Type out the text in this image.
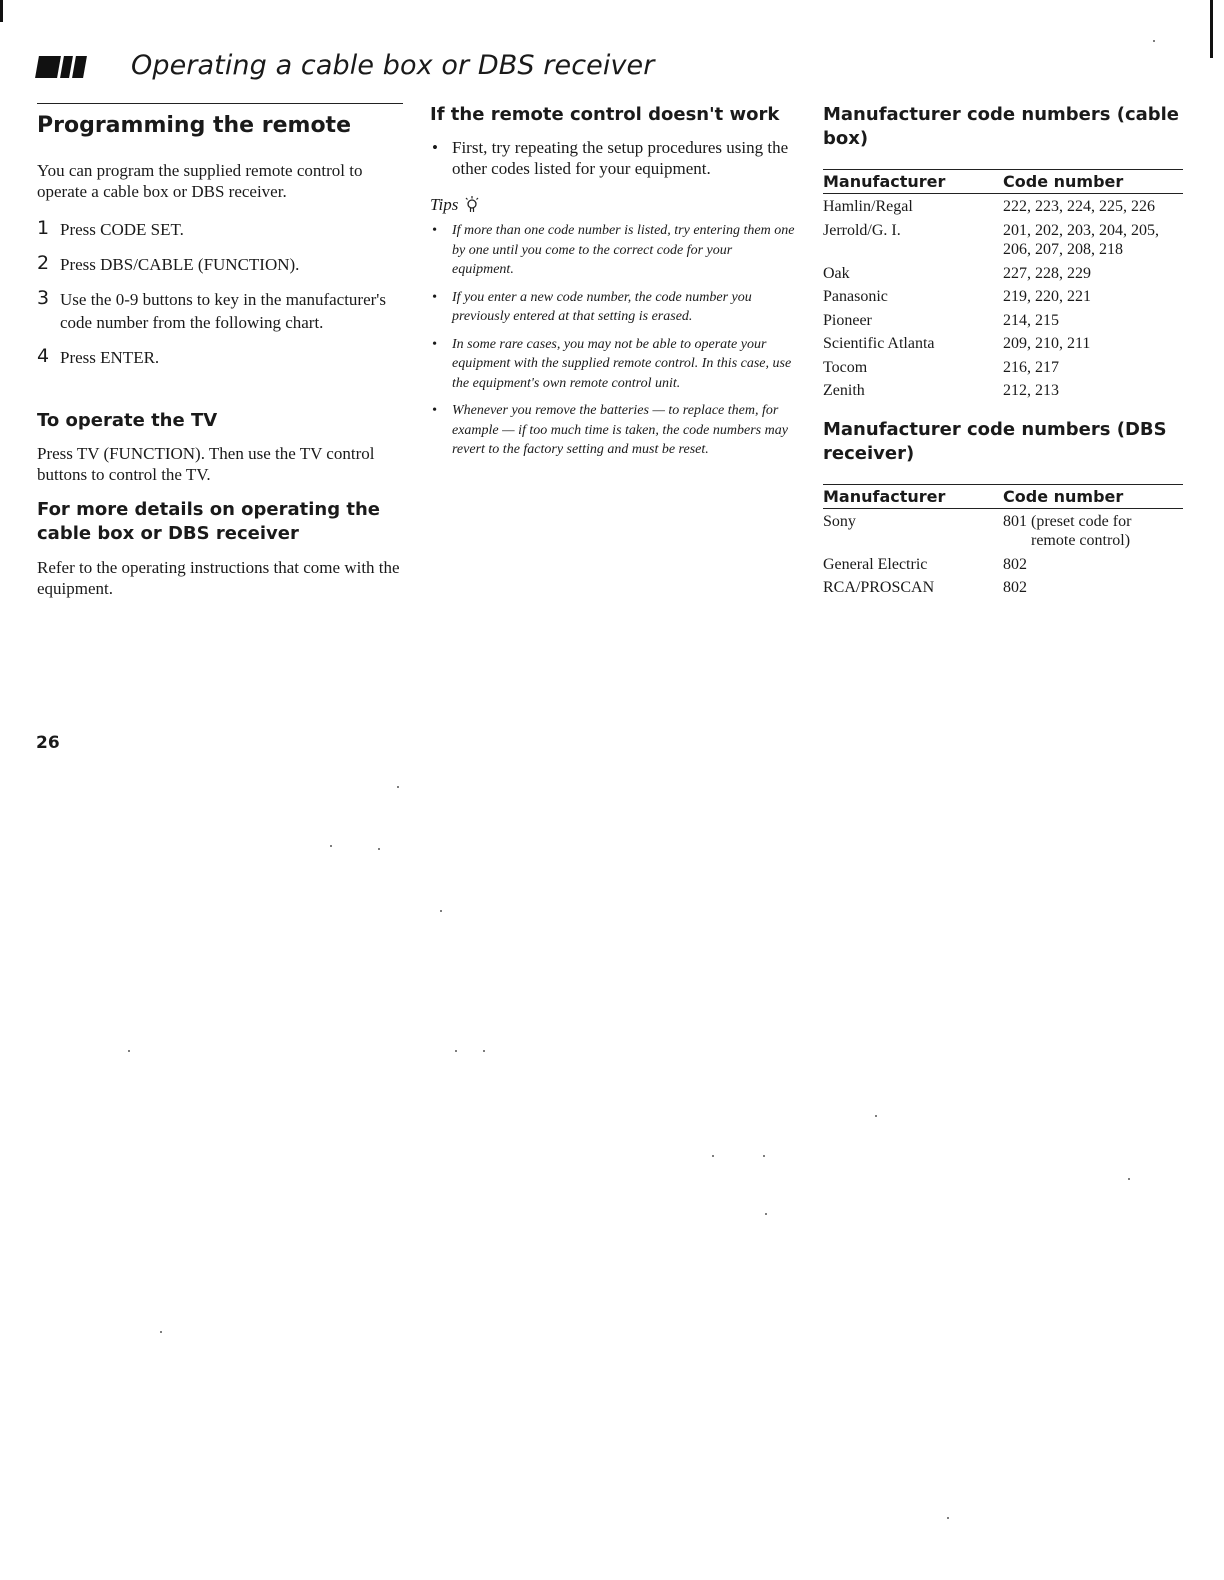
Operating a cable box or DBS receiver
Programming the remote

You can program the supplied remote control to operate a cable box or DBS receiver.

1 Press CODE SET.
2 Press DBS/CABLE (FUNCTION).
3 Use the 0-9 buttons to key in the manufacturer's code number from the following chart.
4 Press ENTER.
To operate the TV

Press TV (FUNCTION). Then use the TV control buttons to control the TV.

For more details on operating the cable box or DBS receiver

Refer to the operating instructions that come with the equipment.

If the remote control doesn't work
• First, try repeating the setup procedures using the other codes listed for your equipment.
Tips
• If more than one code number is listed, try entering them one by one until you come to the correct code for your equipment.
• If you enter a new code number, the code number you previously entered at that setting is erased.
• In some rare cases, you may not be able to operate your equipment with the supplied remote control. In this case, use the equipment's own remote control unit.
• Whenever you remove the batteries — to replace them, for example — if too much time is taken, the code numbers may revert to the factory setting and must be reset.
Manufacturer code numbers (cable box)
Manufacturer	Code number
Hamlin/Regal	222, 223, 224, 225, 226
Jerrold/G. I.	201, 202, 203, 204, 205, 206, 207, 208, 218
Oak	227, 228, 229
Panasonic	219, 220, 221
Pioneer	214, 215
Scientific Atlanta	209, 210, 211
Tocom	216, 217
Zenith	212, 213
Manufacturer code numbers (DBS receiver)
Manufacturer	Code number
Sony	801 (preset code for
remote control)

General Electric	802
RCA/PROSCAN	802
26
